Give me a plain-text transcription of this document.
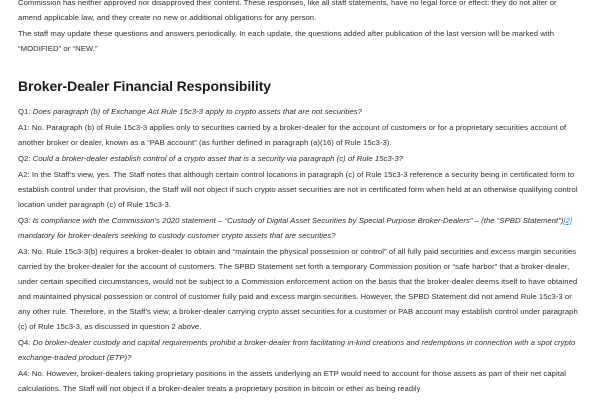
Commission has neither approved nor disapproved their content. These responses, like all staff statements, have no legal force or effect: they do not alter or amend applicable law, and they create no new or additional obligations for any person.

The staff may update these questions and answers periodically. In each update, the questions added after publication of the last version will be marked with “MODIFIED” or “NEW.”

Broker-Dealer Financial Responsibility

Q1: Does paragraph (b) of Exchange Act Rule 15c3-3 apply to crypto assets that are not securities?

A1: No. Paragraph (b) of Rule 15c3-3 applies only to securities carried by a broker-dealer for the account of customers or for a proprietary securities account of another broker or dealer, known as a “PAB account” (as further defined in paragraph (a)(16) of Rule 15c3-3).

Q2: Could a broker-dealer establish control of a crypto asset that is a security via paragraph (c) of Rule 15c3-3?

A2: In the Staff’s view, yes. The Staff notes that although certain control locations in paragraph (c) of Rule 15c3-3 reference a security being in certificated form to establish control under that provision, the Staff will not object if such crypto asset securities are not in certificated form when held at an otherwise qualifying control location under paragraph (c) of Rule 15c3-3.

Q3: Is compliance with the Commission’s 2020 statement – “Custody of Digital Asset Securities by Special Purpose Broker-Dealers” – (the “SPBD Statement”)[2] mandatory for broker-dealers seeking to custody customer crypto assets that are securities?

A3: No. Rule 15c3-3(b) requires a broker-dealer to obtain and “maintain the physical possession or control” of all fully paid securities and excess margin securities carried by the broker-dealer for the account of customers. The SPBD Statement set forth a temporary Commission position or “safe harbor” that a broker-dealer, under certain specified circumstances, would not be subject to a Commission enforcement action on the basis that the broker-dealer deems itself to have obtained and maintained physical possession or control of customer fully paid and excess margin securities. However, the SPBD Statement did not amend Rule 15c3-3 or any other rule. Therefore, in the Staff’s view, a broker-dealer carrying crypto asset securities for a customer or PAB account may establish control under paragraph (c) of Rule 15c3-3, as discussed in question 2 above.

Q4: Do broker-dealer custody and capital requirements prohibit a broker-dealer from facilitating in-kind creations and redemptions in connection with a spot crypto exchange-traded product (ETP)?

A4: No. However, broker-dealers taking proprietary positions in the assets underlying an ETP would need to account for those assets as part of their net capital calculations. The Staff will not object if a broker-dealer treats a proprietary position in bitcoin or ether as being readily
